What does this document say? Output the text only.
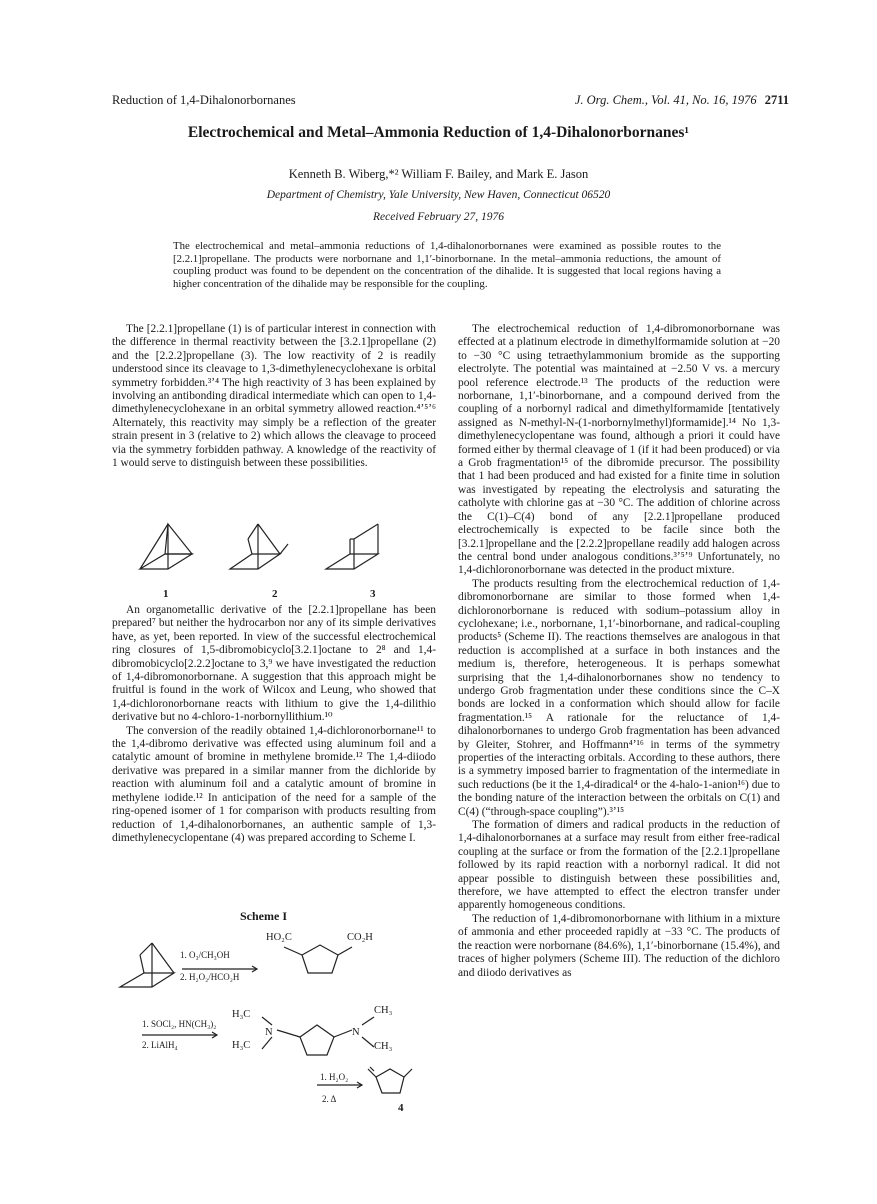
Reduction of 1,4-Dihalonorbornanes	J. Org. Chem., Vol. 41, No. 16, 1976 2711
Electrochemical and Metal–Ammonia Reduction of 1,4-Dihalonorbornanes¹
Kenneth B. Wiberg,*² William F. Bailey, and Mark E. Jason
Department of Chemistry, Yale University, New Haven, Connecticut 06520
Received February 27, 1976
The electrochemical and metal–ammonia reductions of 1,4-dihalonorbornanes were examined as possible routes to the [2.2.1]propellane. The products were norbornane and 1,1′-binorbornane. In the metal–ammonia reductions, the amount of coupling product was found to be dependent on the concentration of the dihalide. It is suggested that local regions having a higher concentration of the dihalide may be responsible for the coupling.

The [2.2.1]propellane (1) is of particular interest in connection with the difference in thermal reactivity between the [3.2.1]propellane (2) and the [2.2.2]propellane (3). The low reactivity of 2 is readily understood since its cleavage to 1,3-dimethylenecyclohexane is orbital symmetry forbidden.³ʼ⁴ The high reactivity of 3 has been explained by involving an antibonding diradical intermediate which can open to 1,4-dimethylenecyclohexane in an orbital symmetry allowed reaction.⁴ʼ⁵ʼ⁶ Alternately, this reactivity may simply be a reflection of the greater strain present in 3 (relative to 2) which allows the cleavage to proceed via the symmetry forbidden pathway. A knowledge of the reactivity of 1 would serve to distinguish between these possibilities.

1	2	3

An organometallic derivative of the [2.2.1]propellane has been prepared⁷ but neither the hydrocarbon nor any of its simple derivatives have, as yet, been reported. In view of the successful electrochemical ring closures of 1,5-dibromobicyclo[3.2.1]octane to 2⁸ and 1,4-dibromobicyclo[2.2.2]octane to 3,⁹ we have investigated the reduction of 1,4-dibromonorbornane. A suggestion that this approach might be fruitful is found in the work of Wilcox and Leung, who showed that 1,4-dichloronorbornane reacts with lithium to give the 1,4-dilithio derivative but no 4-chloro-1-norbornyllithium.¹⁰

The conversion of the readily obtained 1,4-dichloronorbornane¹¹ to the 1,4-dibromo derivative was effected using aluminum foil and a catalytic amount of bromine in methylene bromide.¹² The 1,4-diiodo derivative was prepared in a similar manner from the dichloride by reaction with aluminum foil and a catalytic amount of bromine in methylene iodide.¹² In anticipation of the need for a sample of the ring-opened isomer of 1 for comparison with products resulting from reduction of 1,4-dihalonorbornanes, an authentic sample of 1,3-dimethylenecyclopentane (4) was prepared according to Scheme I.

Scheme I
1. O₃/CH₃OH
2. H₂O₂/HCO₂H
HO₂C	CO₂H
1. SOCl₂, HN(CH₃)₂
2. LiAlH₄
H₃C
H₃C
N	N
CH₃
CH₃
1. H₂O₂
2. Δ
4

The electrochemical reduction of 1,4-dibromonorbornane was effected at a platinum electrode in dimethylformamide solution at −20 to −30 °C using tetraethylammonium bromide as the supporting electrolyte. The potential was maintained at −2.50 V vs. a mercury pool reference electrode.¹³ The products of the reduction were norbornane, 1,1′-binorbornane, and a compound derived from the coupling of a norbornyl radical and dimethylformamide [tentatively assigned as N-methyl-N-(1-norbornylmethyl)formamide].¹⁴ No 1,3-dimethylenecyclopentane was found, although a priori it could have formed either by thermal cleavage of 1 (if it had been produced) or via a Grob fragmentation¹⁵ of the dibromide precursor. The possibility that 1 had been produced and had existed for a finite time in solution was investigated by repeating the electrolysis and saturating the catholyte with chlorine gas at −30 °C. The addition of chlorine across the C(1)–C(4) bond of any [2.2.1]propellane produced electrochemically is expected to be facile since both the [3.2.1]propellane and the [2.2.2]propellane readily add halogen across the central bond under analogous conditions.³ʼ⁵ʼ⁹ Unfortunately, no 1,4-dichloronorbornane was detected in the product mixture.

The products resulting from the electrochemical reduction of 1,4-dibromonorbornane are similar to those formed when 1,4-dichloronorbornane is reduced with sodium–potassium alloy in cyclohexane; i.e., norbornane, 1,1′-binorbornane, and radical-coupling products⁵ (Scheme II). The reactions themselves are analogous in that reduction is accomplished at a surface in both instances and the medium is, therefore, heterogeneous. It is perhaps somewhat surprising that the 1,4-dihalonorbornanes show no tendency to undergo Grob fragmentation under these conditions since the C–X bonds are locked in a conformation which should allow for facile fragmentation.¹⁵ A rationale for the reluctance of 1,4-dihalonorbornanes to undergo Grob fragmentation has been advanced by Gleiter, Stohrer, and Hoffmann⁴ʼ¹⁶ in terms of the symmetry properties of the interacting orbitals. According to these authors, there is a symmetry imposed barrier to fragmentation of the intermediate in such reductions (be it the 1,4-diradical⁴ or the 4-halo-1-anion¹⁶) due to the bonding nature of the interaction between the orbitals on C(1) and C(4) (“through-space coupling”).³ʼ¹⁵

The formation of dimers and radical products in the reduction of 1,4-dihalonorbornanes at a surface may result from either free-radical coupling at the surface or from the formation of the [2.2.1]propellane followed by its rapid reaction with a norbornyl radical. It did not appear possible to distinguish between these possibilities and, therefore, we have attempted to effect the electron transfer under apparently homogeneous conditions.

The reduction of 1,4-dibromonorbornane with lithium in a mixture of ammonia and ether proceeded rapidly at −33 °C. The products of the reaction were norbornane (84.6%), 1,1′-binorbornane (15.4%), and traces of higher polymers (Scheme III). The reduction of the dichloro and diiodo derivatives as
